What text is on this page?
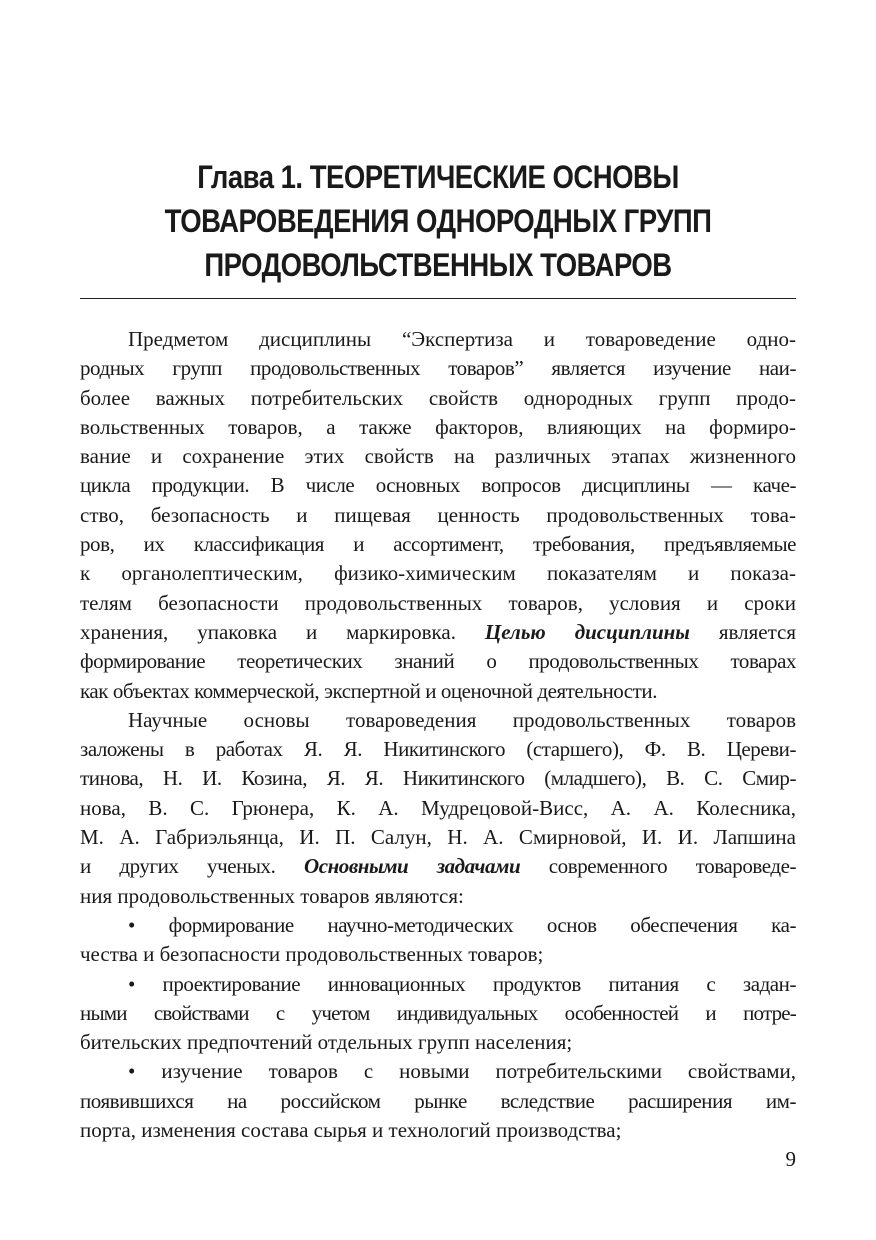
Глава 1. ТЕОРЕТИЧЕСКИЕ ОСНОВЫ
ТОВАРОВЕДЕНИЯ ОДНОРОДНЫХ ГРУПП
ПРОДОВОЛЬСТВЕННЫХ ТОВАРОВ
Предметом дисциплины “Экспертиза и товароведение одно-
родных групп продовольственных товаров” является изучение наи-
более важных потребительских свойств однородных групп продо-
вольственных товаров, а также факторов, влияющих на формиро-
вание и сохранение этих свойств на различных этапах жизненного
цикла продукции. В числе основных вопросов дисциплины — каче-
ство, безопасность и пищевая ценность продовольственных това-
ров, их классификация и ассортимент, требования, предъявляемые
к органолептическим, физико-химическим показателям и показа-
телям безопасности продовольственных товаров, условия и сроки
хранения, упаковка и маркировка. Целью дисциплины является
формирование теоретических знаний о продовольственных товарах
как объектах коммерческой, экспертной и оценочной деятельности.
Научные основы товароведения продовольственных товаров
заложены в работах Я. Я. Никитинского (старшего), Ф. В. Цереви-
тинова, Н. И. Козина, Я. Я. Никитинского (младшего), В. С. Смир-
нова, В. С. Грюнера, К. А. Мудрецовой-Висс, А. А. Колесника,
М. А. Габриэльянца, И. П. Салун, Н. А. Смирновой, И. И. Лапшина
и других ученых. Основными задачами современного товароведе-
ния продовольственных товаров являются:
• формирование научно-методических основ обеспечения ка-
чества и безопасности продовольственных товаров;
• проектирование инновационных продуктов питания с задан-
ными свойствами с учетом индивидуальных особенностей и потре-
бительских предпочтений отдельных групп населения;
• изучение товаров с новыми потребительскими свойствами,
появившихся на российском рынке вследствие расширения им-
порта, изменения состава сырья и технологий производства;
9
